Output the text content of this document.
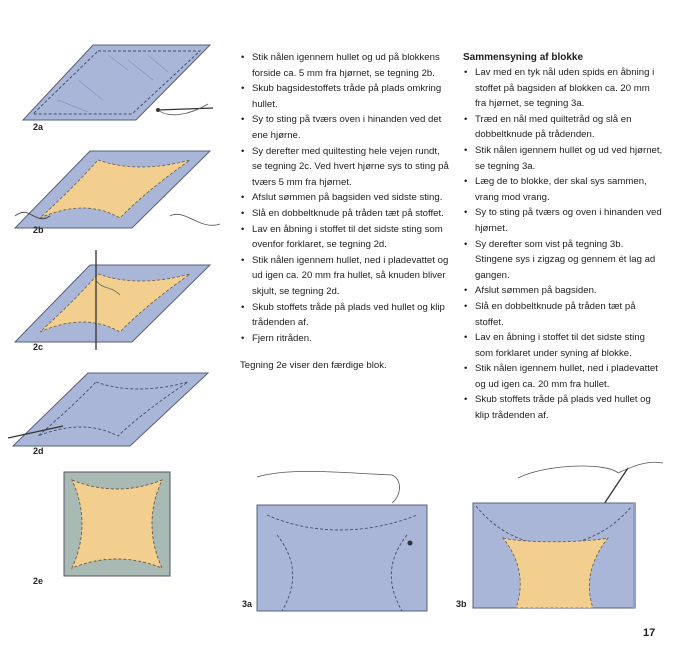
2a
2b
2c
2d
2e
• Stik nålen igennem hullet og ud på blokkens forside ca. 5 mm fra hjørnet, se tegning 2b.
• Skub bagsidestoffets tråde på plads omkring hullet.
• Sy to sting på tværs oven i hinanden ved det ene hjørne.
• Sy derefter med quiltesting hele vejen rundt, se tegning 2c. Ved hvert hjørne sys to sting på tværs 5 mm fra hjørnet.
• Afslut sømmen på bagsiden ved sidste sting.
• Slå en dobbeltknude på tråden tæt på stoffet.
• Lav en åbning i stoffet til det sidste sting som ovenfor forklaret, se tegning 2d.
• Stik nålen igennem hullet, ned i pladevattet og ud igen ca. 20 mm fra hullet, så knuden bliver skjult, se tegning 2d.
• Skub stoffets tråde på plads ved hullet og klip trådenden af.
• Fjern ritråden.

Tegning 2e viser den færdige blok.

Sammensyning af blokke

• Lav med en tyk nål uden spids en åbning i stoffet på bagsiden af blokken ca. 20 mm fra hjørnet, se tegning 3a.
• Træd en nål med quiltetråd og slå en dobbeltknude på trådenden.
• Stik nålen igennem hullet og ud ved hjørnet, se tegning 3a.
• Læg de to blokke, der skal sys sammen, vrang mod vrang.
• Sy to sting på tværs og oven i hinanden ved hjørnet.
• Sy derefter som vist på tegning 3b. Stingene sys i zigzag og gennem ét lag ad gangen.
• Afslut sømmen på bagsiden.
• Slå en dobbeltknude på tråden tæt på stoffet.
• Lav en åbning i stoffet til det sidste sting som forklaret under syning af blokke.
• Stik nålen igennem hullet, ned i pladevattet og ud igen ca. 20 mm fra hullet.
• Skub stoffets tråde på plads ved hullet og klip trådenden af.
3a	3b
17
